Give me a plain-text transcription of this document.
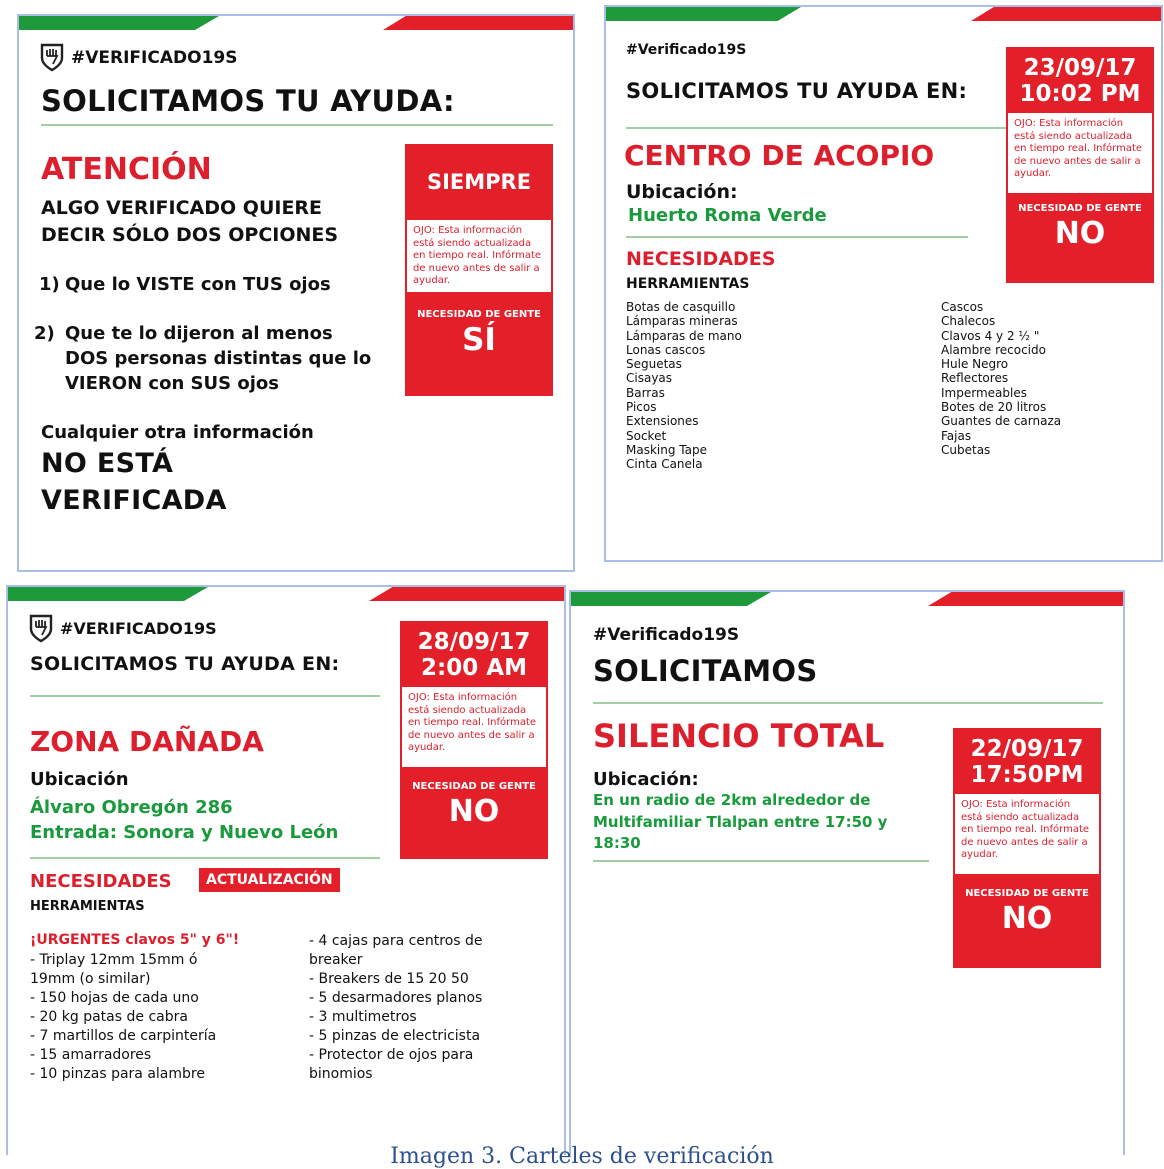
#VERIFICADO19S
SOLICITAMOS TU AYUDA:
ATENCIÓN
ALGO VERIFICADO QUIERE
DECIR SÓLO DOS OPCIONES
1) Que lo VISTE con TUS ojos
2) Que te lo dijeron al menos
DOS personas distintas que lo
VIERON con SUS ojos
Cualquier otra información
NO ESTÁ
VERIFICADA
SIEMPRE
OJO: Esta información está siendo actualizada en tiempo real. Infórmate de nuevo antes de salir a ayudar.
NECESIDAD DE GENTE
SÍ
#Verificado19S
SOLICITAMOS TU AYUDA EN:
CENTRO DE ACOPIO
Ubicación:
Huerto Roma Verde
NECESIDADES
HERRAMIENTAS
Botas de casquillo
Lámparas mineras
Lámparas de mano
Lonas cascos
Seguetas
Cisayas
Barras
Picos
Extensiones
Socket
Masking Tape
Cinta Canela
Cascos
Chalecos
Clavos 4 y 2 ½ "
Alambre recocido
Hule Negro
Reflectores
Impermeables
Botes de 20 litros
Guantes de carnaza
Fajas
Cubetas
23/09/17
10:02 PM
OJO: Esta información está siendo actualizada en tiempo real. Infórmate de nuevo antes de salir a ayudar.
NECESIDAD DE GENTE
NO
#VERIFICADO19S
SOLICITAMOS TU AYUDA EN:
ZONA DAÑADA
Ubicación
Álvaro Obregón 286
Entrada: Sonora y Nuevo León
NECESIDADES	ACTUALIZACIÓN
HERRAMIENTAS
¡URGENTES clavos 5" y 6"!
- Triplay 12mm 15mm ó
19mm (o similar)
- 150 hojas de cada uno
- 20 kg patas de cabra
- 7 martillos de carpintería
- 15 amarradores
- 10 pinzas para alambre
- 4 cajas para centros de
breaker
- Breakers de 15 20 50
- 5 desarmadores planos
- 3 multimetros
- 5 pinzas de electricista
- Protector de ojos para
binomios
28/09/17
2:00 AM
OJO: Esta información está siendo actualizada en tiempo real. Infórmate de nuevo antes de salir a ayudar.
NECESIDAD DE GENTE
NO
#Verificado19S
SOLICITAMOS
SILENCIO TOTAL
Ubicación:
En un radio de 2km alrededor de
Multifamiliar Tlalpan entre 17:50 y
18:30
22/09/17
17:50PM
OJO: Esta información está siendo actualizada en tiempo real. Infórmate de nuevo antes de salir a ayudar.
NECESIDAD DE GENTE
NO
Imagen 3. Carteles de verificación
